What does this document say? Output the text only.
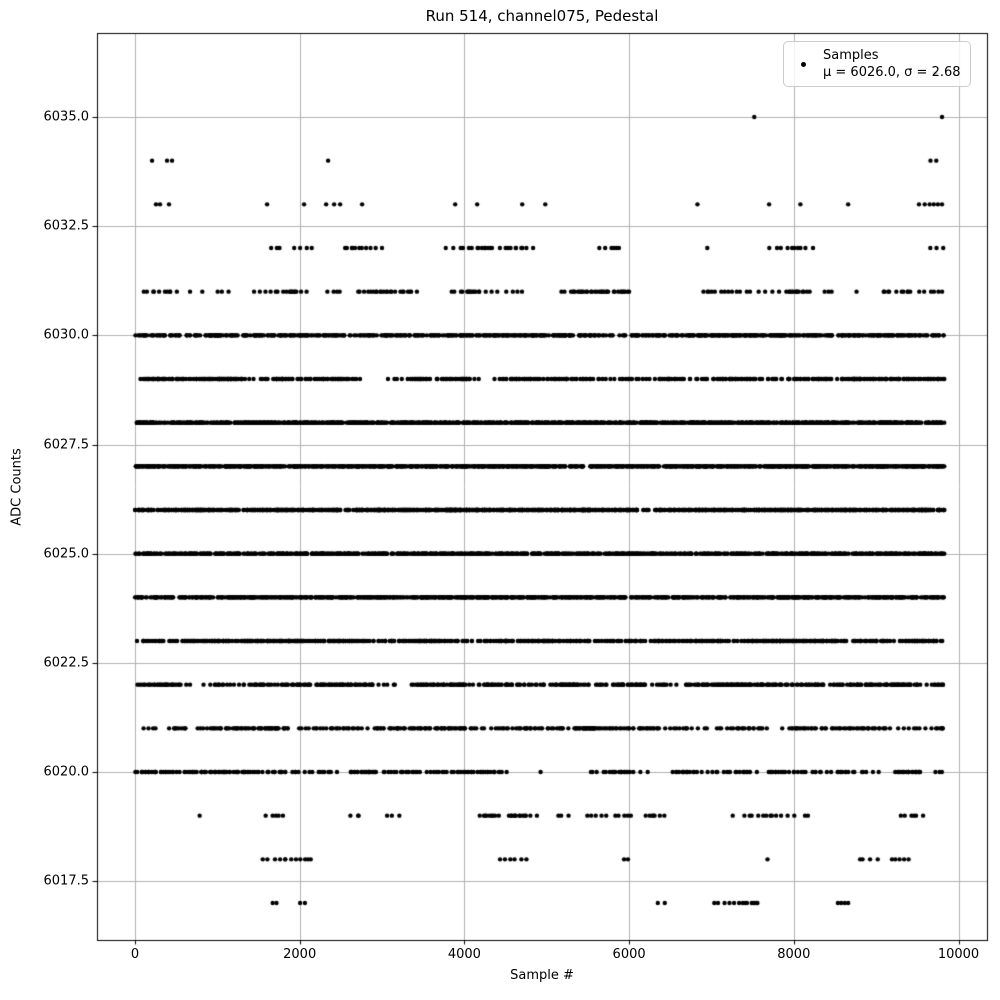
Run 514, channel075, Pedestal
Sample #
ADC Counts
0	2000	4000	6000	8000	10000
6017.5
6020.0
6022.5
6025.0
6027.5
6030.0
6032.5
6035.0
Samples
μ = 6026.0, σ = 2.68
